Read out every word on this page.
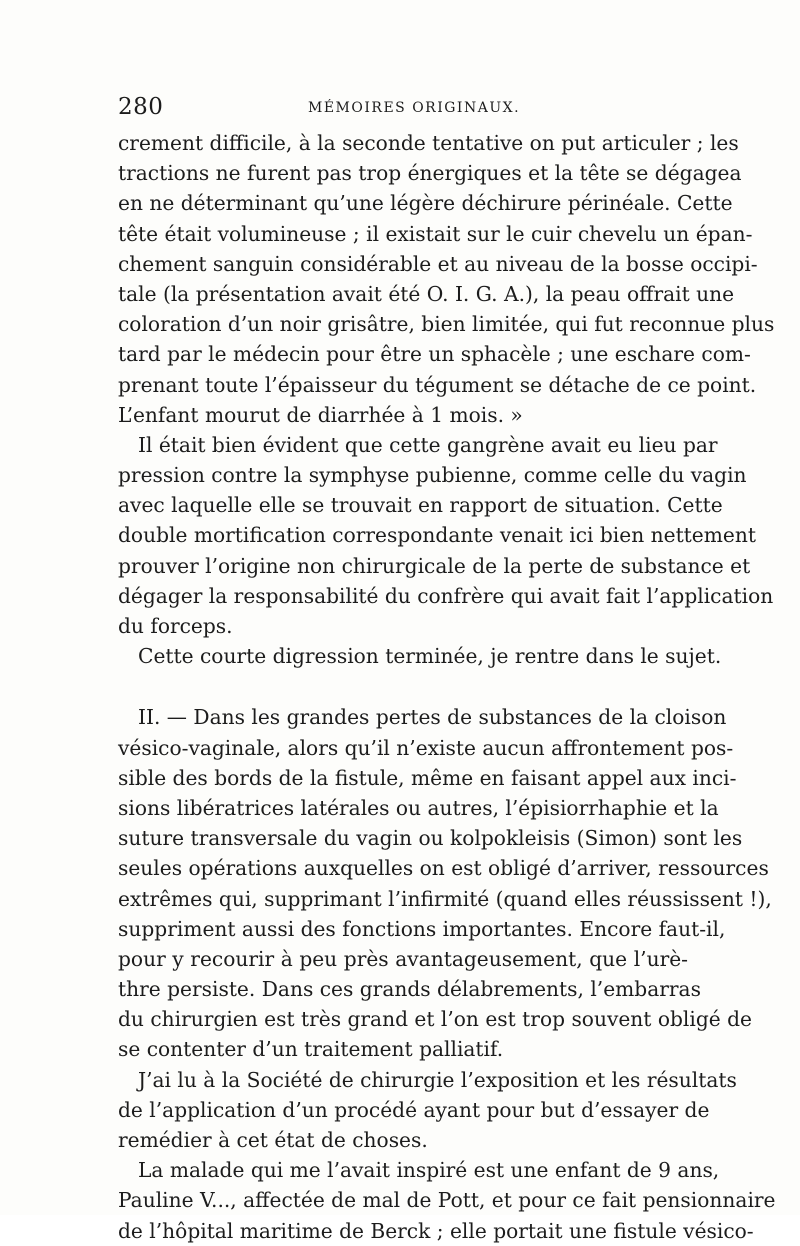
280	MÉMOIRES ORIGINAUX.
crement difficile, à la seconde tentative on put articuler ; les
tractions ne furent pas trop énergiques et la tête se dégagea
en ne déterminant qu’une légère déchirure périnéale. Cette
tête était volumineuse ; il existait sur le cuir chevelu un épan-
chement sanguin considérable et au niveau de la bosse occipi-
tale (la présentation avait été O. I. G. A.), la peau offrait une
coloration d’un noir grisâtre, bien limitée, qui fut reconnue plus
tard par le médecin pour être un sphacèle ; une eschare com-
prenant toute l’épaisseur du tégument se détache de ce point.
L’enfant mourut de diarrhée à 1 mois. »
Il était bien évident que cette gangrène avait eu lieu par
pression contre la symphyse pubienne, comme celle du vagin
avec laquelle elle se trouvait en rapport de situation. Cette
double mortification correspondante venait ici bien nettement
prouver l’origine non chirurgicale de la perte de substance et
dégager la responsabilité du confrère qui avait fait l’application
du forceps.
Cette courte digression terminée, je rentre dans le sujet.
II. — Dans les grandes pertes de substances de la cloison
vésico-vaginale, alors qu’il n’existe aucun affrontement pos-
sible des bords de la fistule, même en faisant appel aux inci-
sions libératrices latérales ou autres, l’épisiorrhaphie et la
suture transversale du vagin ou kolpokleisis (Simon) sont les
seules opérations auxquelles on est obligé d’arriver, ressources
extrêmes qui, supprimant l’infirmité (quand elles réussissent !),
suppriment aussi des fonctions importantes. Encore faut-il,
pour y recourir à peu près avantageusement, que l’urè-
thre persiste. Dans ces grands délabrements, l’embarras
du chirurgien est très grand et l’on est trop souvent obligé de
se contenter d’un traitement palliatif.
J’ai lu à la Société de chirurgie l’exposition et les résultats
de l’application d’un procédé ayant pour but d’essayer de
remédier à cet état de choses.
La malade qui me l’avait inspiré est une enfant de 9 ans,
Pauline V..., affectée de mal de Pott, et pour ce fait pensionnaire
de l’hôpital maritime de Berck ; elle portait une fistule vésico-
